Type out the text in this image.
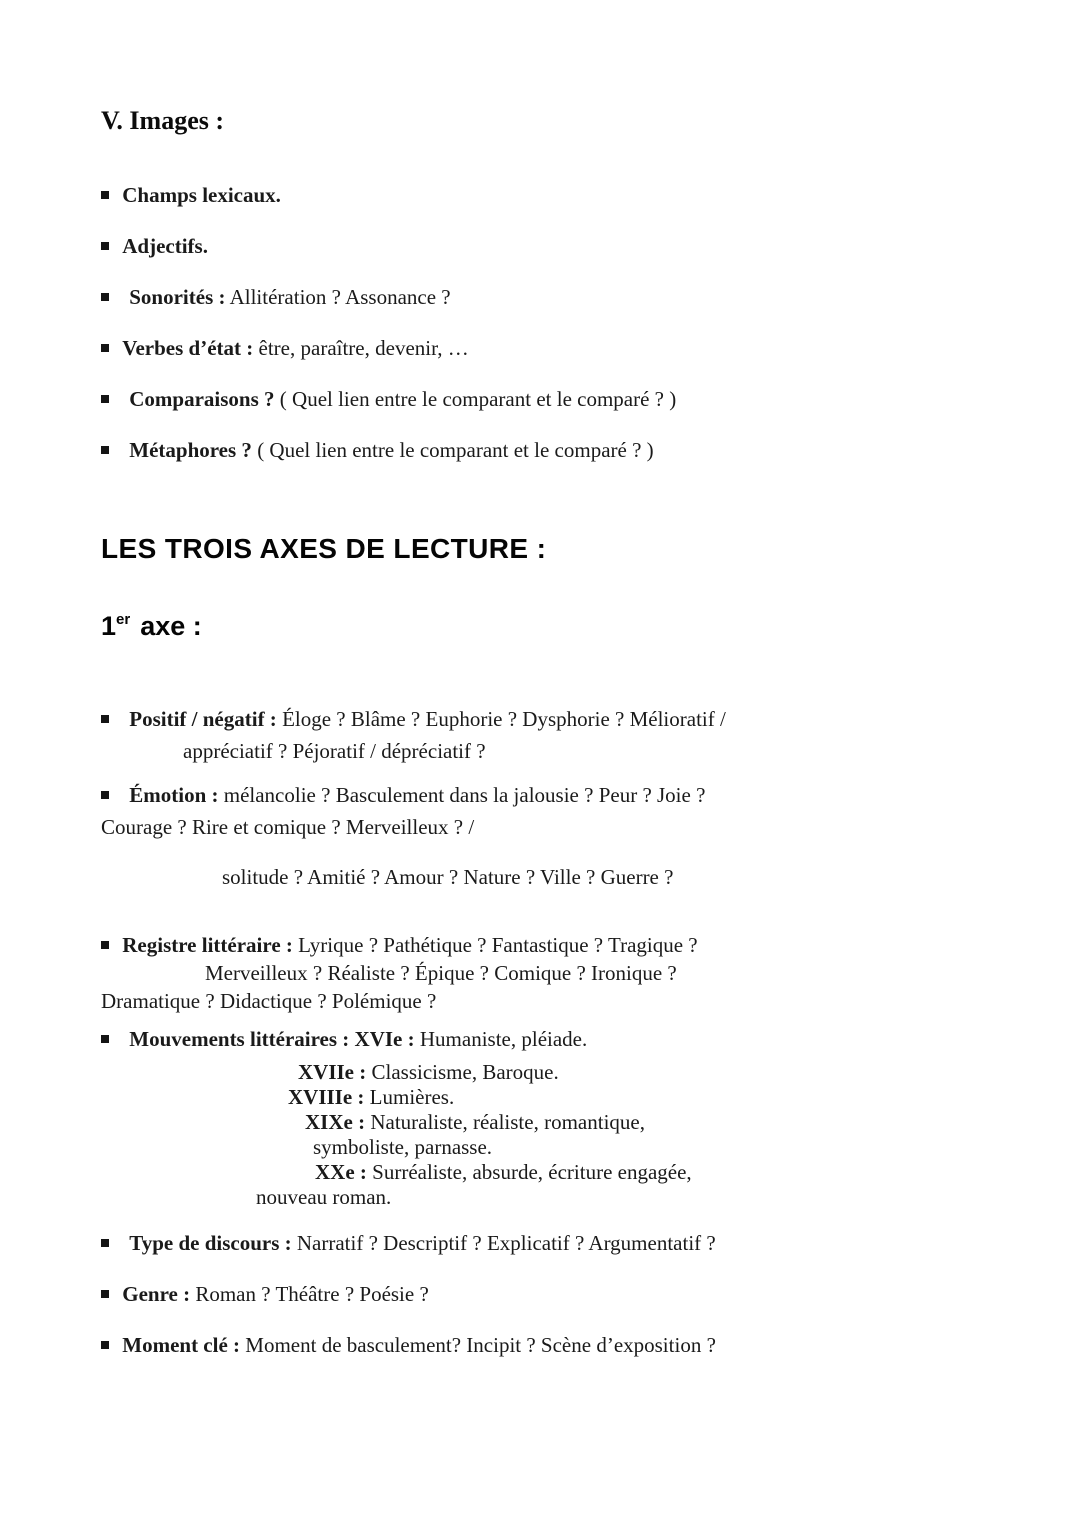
V. Images :
Champs lexicaux.
Adjectifs.
Sonorités : Allitération ? Assonance ?
Verbes d’état : être, paraître, devenir, …
Comparaisons ? ( Quel lien entre le comparant et le comparé ? )
Métaphores ? ( Quel lien entre le comparant et le comparé ? )
LES TROIS AXES DE LECTURE :
1er axe :
Positif / négatif : Éloge ? Blâme ? Euphorie ? Dysphorie ? Mélioratif /
appréciatif ? Péjoratif / dépréciatif ?
Émotion : mélancolie ? Basculement dans la jalousie ? Peur ? Joie ?
Courage ? Rire et comique ? Merveilleux ? /
solitude ? Amitié ? Amour ? Nature ? Ville ? Guerre ?
Registre littéraire : Lyrique ? Pathétique ? Fantastique ? Tragique ?
Merveilleux ? Réaliste ? Épique ? Comique ? Ironique ?
Dramatique ? Didactique ? Polémique ?
Mouvements littéraires : XVIe : Humaniste, pléiade.
XVIIe : Classicisme, Baroque.
XVIIIe : Lumières.
XIXe : Naturaliste, réaliste, romantique,
symboliste, parnasse.
XXe : Surréaliste, absurde, écriture engagée,
nouveau roman.
Type de discours : Narratif ? Descriptif ? Explicatif ? Argumentatif ?
Genre : Roman ? Théâtre ? Poésie ?
Moment clé : Moment de basculement? Incipit ? Scène d’exposition ?
